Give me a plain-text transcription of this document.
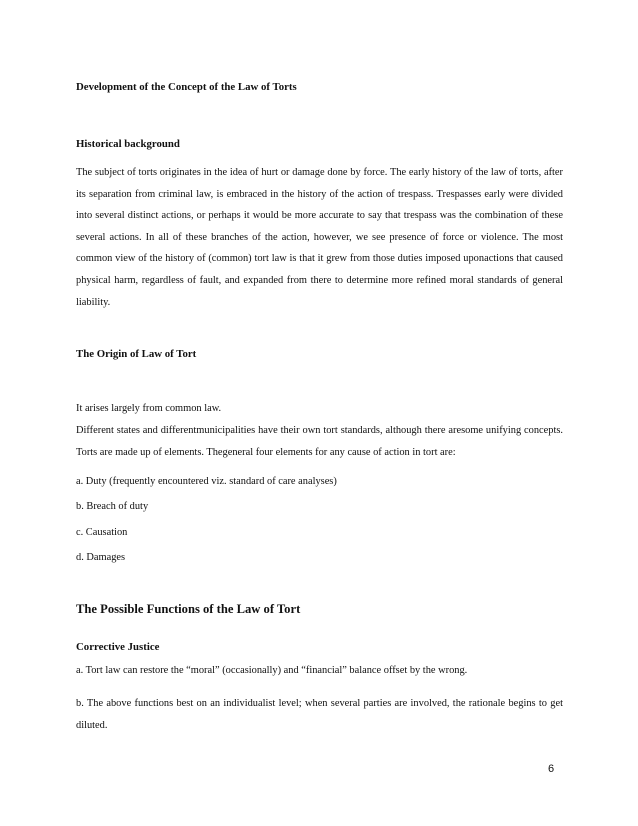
Development of the Concept of the Law of Torts
Historical background

The subject of torts originates in the idea of hurt or damage done by force. The early history of the law of torts, after its separation from criminal law, is embraced in the history of the action of trespass. Trespasses early were divided into several distinct actions, or perhaps it would be more accurate to say that trespass was the combination of these several actions. In all of these branches of the action, however, we see presence of force or violence. The most common view of the history of (common) tort law is that it grew from those duties imposed uponactions that caused physical harm, regardless of fault, and expanded from there to determine more refined moral standards of general liability.

The Origin of Law of Tort

It arises largely from common law.

Different states and differentmunicipalities have their own tort standards, although there aresome unifying concepts. Torts are made up of elements. Thegeneral four elements for any cause of action in tort are:

a. Duty (frequently encountered viz. standard of care analyses)

b. Breach of duty

c. Causation

d. Damages

The Possible Functions of the Law of Tort
Corrective Justice

a. Tort law can restore the “moral” (occasionally) and “financial” balance offset by the wrong.

b. The above functions best on an individualist level; when several parties are involved, the rationale begins to get diluted.

6
